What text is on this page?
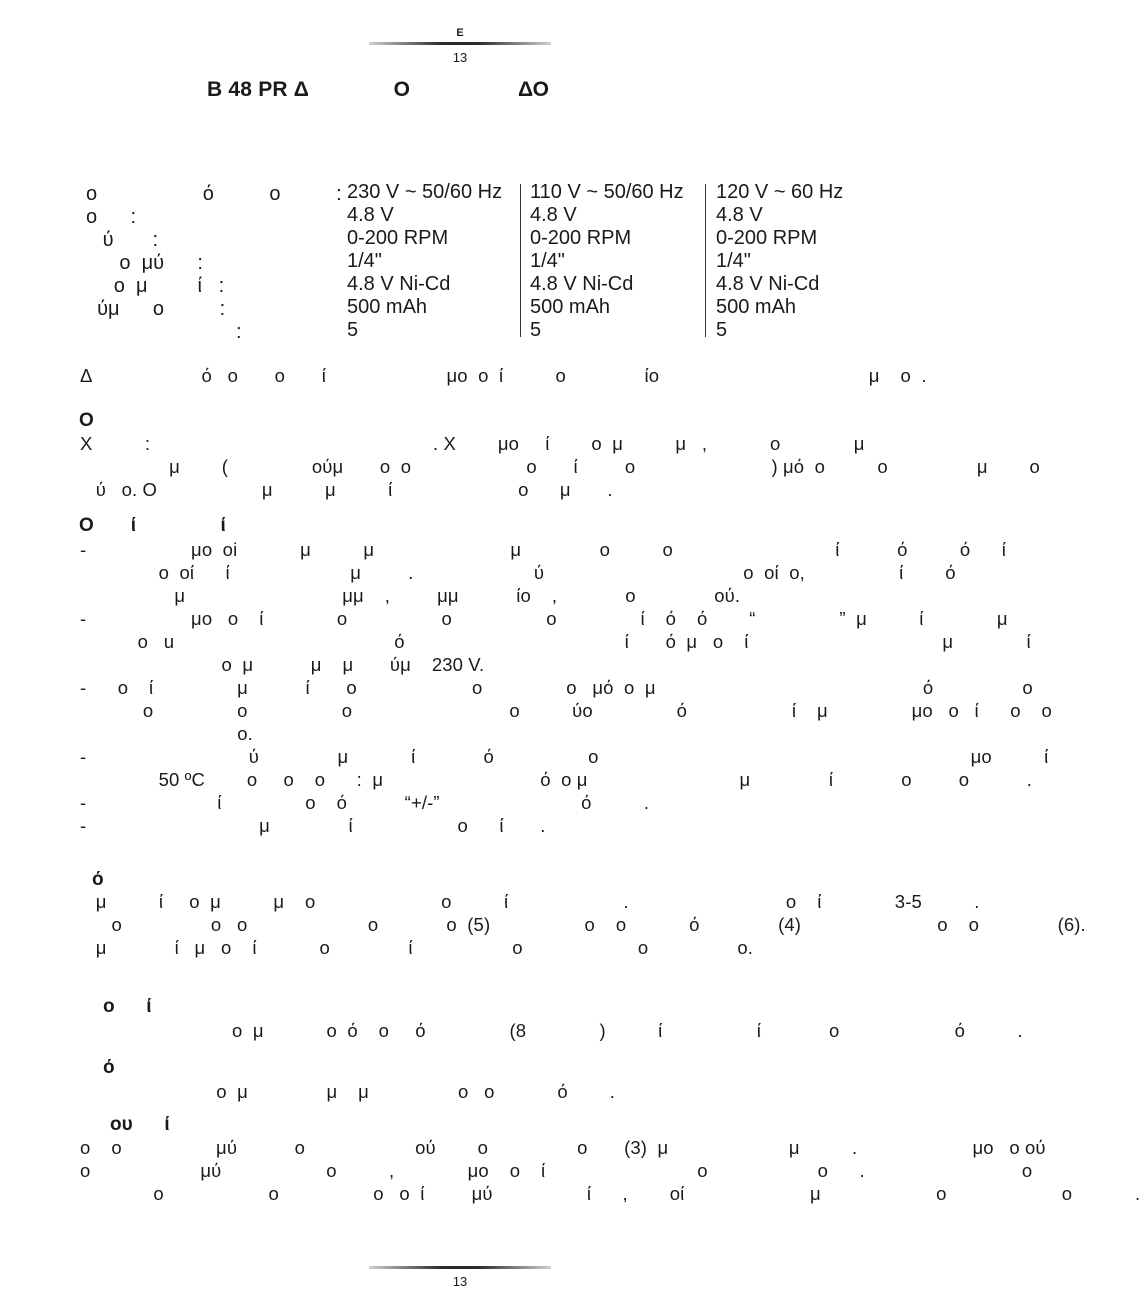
E
13
B 48 PR Δ              Ο                  ΔΟ
ο                   ό          ο          :
ο      :
ύ       :
ο  μύ      :
ο  μ         ί   :
ύμ      ο          :
:
230 V ~ 50/60 Hz
4.8 V
0-200 RPM
1/4"
4.8 V Ni-Cd
500 mAh
5
110 V ~ 50/60 Hz
4.8 V
0-200 RPM
1/4"
4.8 V Ni-Cd
500 mAh
5
120 V ~ 60 Hz
4.8 V
0-200 RPM
1/4"
4.8 V Ni-Cd
500 mAh
5
Δ                     ό   ο       ο       ί                       μο  ο  ί          ο               ίο                                        μ    ο  .
Ο
Χ          :                                                      . Χ        μο     ί        ο  μ          μ   ,            ο              μ
μ        (                ούμ       ο  ο                      ο       ί         ο                          ) μό  ο          ο                 μ        ο
ύ   ο. Ο                    μ          μ          ί                        ο      μ       .
Ο       ί                ί
-                    μο  οi            μ          μ                          μ               ο          ο                               ί           ό          ό      ί
ο  οί      ί                       μ         .                       ύ                                      ο  οί  ο,                  ί        ό
μ                              μμ    ,         μμ           ίο    ,             ο               ού.
-                    μο   ο    ί              ο                  ο                  ο                ί    ό    ό        “                ”  μ          ί              μ
ο   u                                          ό                                          ί       ό  μ   ο    ί                                     μ              ί
ο  μ           μ    μ       ύμ    230 V.
-      ο    ί                μ           ί       ο                      ο                ο   μό  ο  μ                                                   ό                 ο
ο                ο                  ο                              ο          ύο                ό                    ί    μ                μο   ο   ί      ο    ο
ο.
-                               ύ               μ            ί             ό                  ο                                                                       μο          ί
50 ºC        ο     ο    ο      :  μ                              ό  ο μ                             μ               ί             ο         ο           .
-                         ί                ο    ό           “+/-”                           ό          .
-                                 μ               ί                    ο      ί       .
ό
μ          ί     ο  μ          μ    ο                        ο          ί                      .                              ο    ί              3-5          .
ο                 ο   ο                       ο             ο  (5)                  ο    ο            ό               (4)                          ο    ο               (6).
μ             ί   μ   ο    ί            ο               ί                   ο                      ο                 ο.
ο      ί
ο  μ            ο  ό    ο     ό                (8              )          ί                  ί             ο                      ό          .
ό
ο  μ               μ    μ                 ο   ο            ό        .
ου      ί
ο    ο                  μύ           ο                     ού        ο                 ο       (3)  μ                       μ          .                      μο   ο ού
ο                     μύ                    ο          ,              μο    ο    ί                             ο                     ο      .                              ο
ο                    ο                  ο   ο  ί         μύ                  ί      ,        οί                        μ                      ο                      ο            .
13
